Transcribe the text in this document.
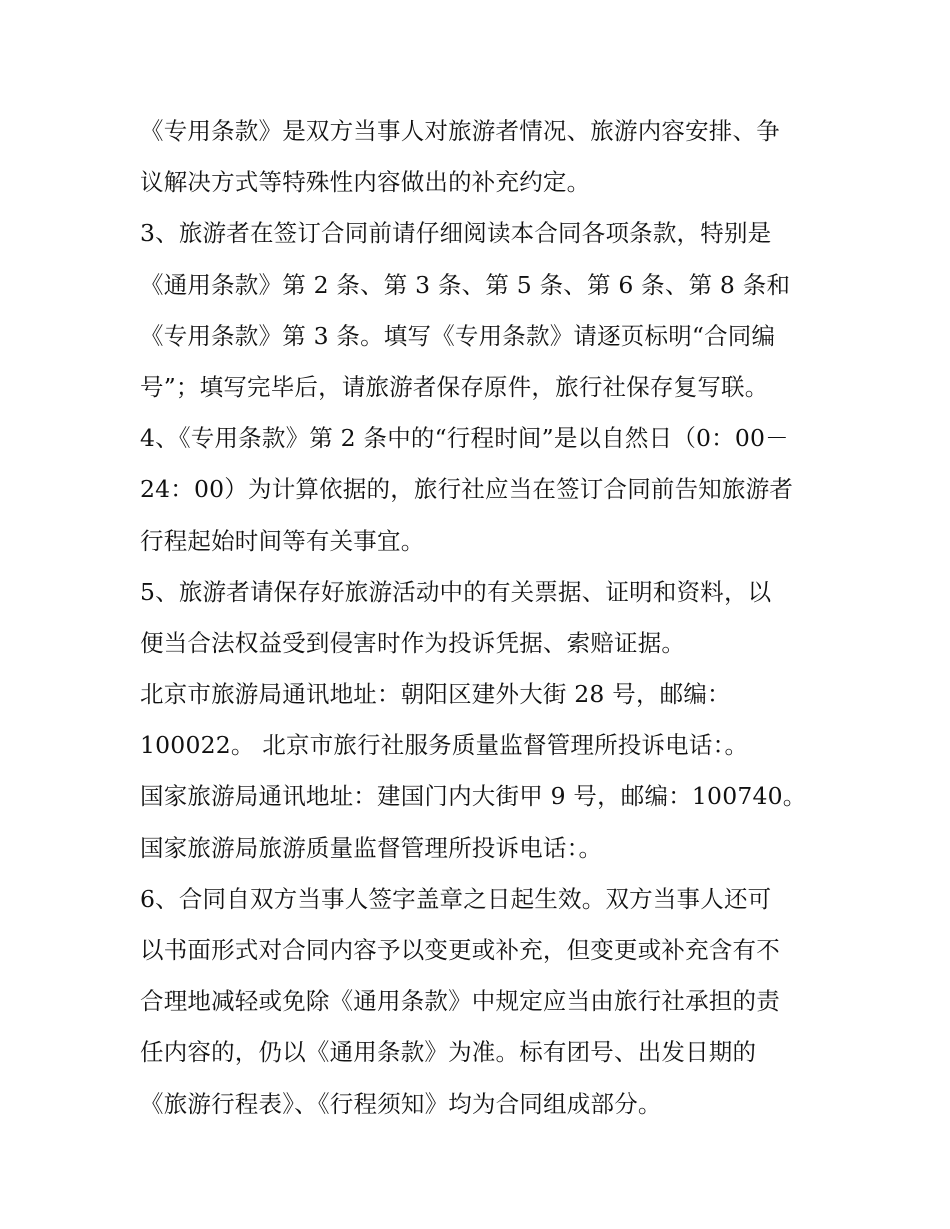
《专用条款》是双方当事人对旅游者情况、旅游内容安排、争
议解决方式等特殊性内容做出的补充约定。
3、旅游者在签订合同前请仔细阅读本合同各项条款，特别是
《通用条款》第 2 条、第 3 条、第 5 条、第 6 条、第 8 条和
《专用条款》第 3 条。填写《专用条款》请逐页标明“合同编
号”；填写完毕后，请旅游者保存原件，旅行社保存复写联。
4、《专用条款》第 2 条中的“行程时间”是以自然日（0：00－
24：00）为计算依据的，旅行社应当在签订合同前告知旅游者
行程起始时间等有关事宜。
5、旅游者请保存好旅游活动中的有关票据、证明和资料，以
便当合法权益受到侵害时作为投诉凭据、索赔证据。
北京市旅游局通讯地址：朝阳区建外大街 28 号，邮编：
100022。 北京市旅行社服务质量监督管理所投诉电话：。
国家旅游局通讯地址：建国门内大街甲 9 号，邮编：100740。
国家旅游局旅游质量监督管理所投诉电话：。
6、合同自双方当事人签字盖章之日起生效。双方当事人还可
以书面形式对合同内容予以变更或补充，但变更或补充含有不
合理地减轻或免除《通用条款》中规定应当由旅行社承担的责
任内容的，仍以《通用条款》为准。标有团号、出发日期的
《旅游行程表》、《行程须知》均为合同组成部分。
